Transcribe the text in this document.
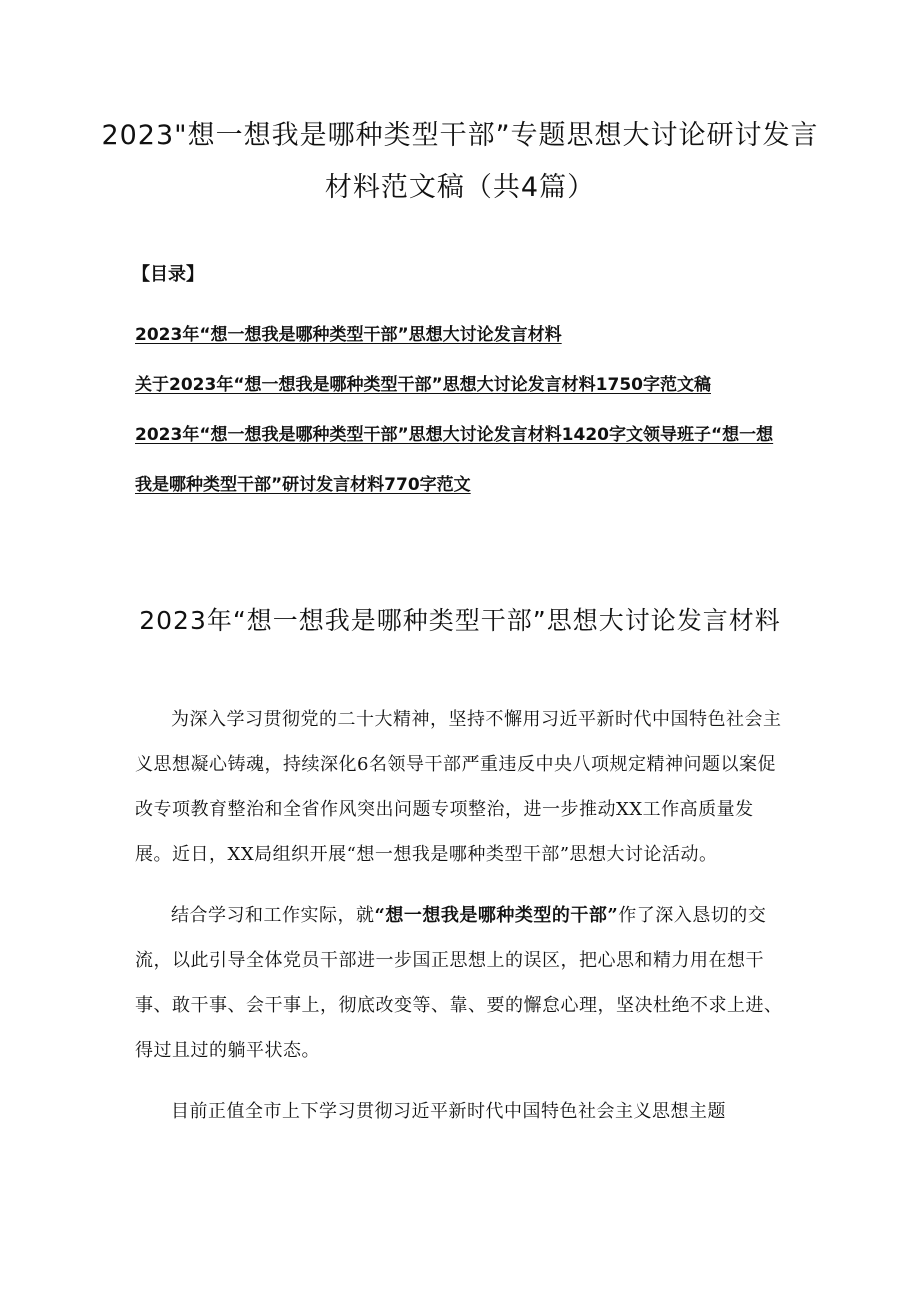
2023"想一想我是哪种类型干部”专题思想大讨论研讨发言材料范文稿（共4篇）
【目录】
2023年“想一想我是哪种类型干部”思想大讨论发言材料
关于2023年“想一想我是哪种类型干部”思想大讨论发言材料1750字范文稿
2023年“想一想我是哪种类型干部”思想大讨论发言材料1420字文领导班子“想一想我是哪种类型干部”研讨发言材料770字范文
2023年“想一想我是哪种类型干部”思想大讨论发言材料

为深入学习贯彻党的二十大精神，坚持不懈用习近平新时代中国特色社会主义思想凝心铸魂，持续深化6名领导干部严重违反中央八项规定精神问题以案促改专项教育整治和全省作风突出问题专项整治，进一步推动XX工作高质量发展。近日，XX局组织开展“想一想我是哪种类型干部”思想大讨论活动。

结合学习和工作实际，就“想一想我是哪种类型的干部”作了深入恳切的交流，以此引导全体党员干部进一步国正思想上的误区，把心思和精力用在想干事、敢干事、会干事上，彻底改变等、靠、要的懈怠心理，坚决杜绝不求上进、得过且过的躺平状态。

目前正值全市上下学习贯彻习近平新时代中国特色社会主义思想主题
